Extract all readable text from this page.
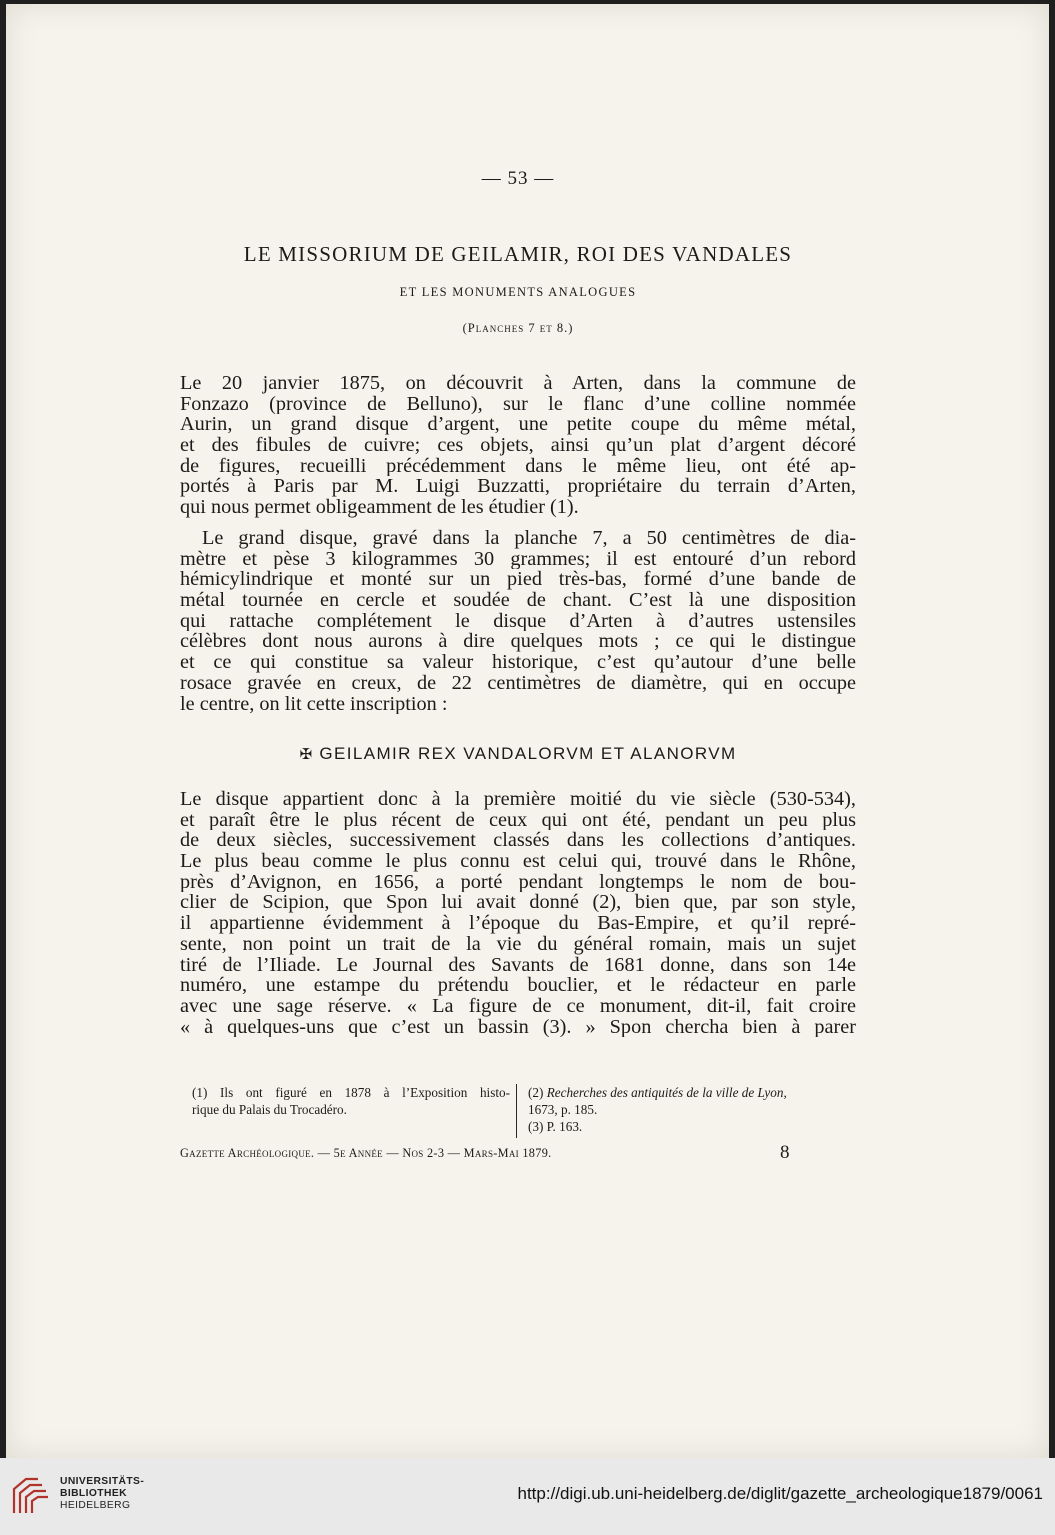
— 53 —
LE MISSORIUM DE GEILAMIR, ROI DES VANDALES
ET LES MONUMENTS ANALOGUES
(Planches 7 et 8.)
Le 20 janvier 1875, on découvrit à Arten, dans la commune de
Fonzazo (province de Belluno), sur le flanc d’une colline nommée
Aurin, un grand disque d’argent, une petite coupe du même métal,
et des fibules de cuivre; ces objets, ainsi qu’un plat d’argent décoré
de figures, recueilli précédemment dans le même lieu, ont été ap-
portés à Paris par M. Luigi Buzzatti, propriétaire du terrain d’Arten,
qui nous permet obligeamment de les étudier (1).
Le grand disque, gravé dans la planche 7, a 50 centimètres de dia-
mètre et pèse 3 kilogrammes 30 grammes; il est entouré d’un rebord
hémicylindrique et monté sur un pied très-bas, formé d’une bande de
métal tournée en cercle et soudée de chant. C’est là une disposition
qui rattache complétement le disque d’Arten à d’autres ustensiles
célèbres dont nous aurons à dire quelques mots ; ce qui le distingue
et ce qui constitue sa valeur historique, c’est qu’autour d’une belle
rosace gravée en creux, de 22 centimètres de diamètre, qui en occupe
le centre, on lit cette inscription :
✠ GEILAMIR REX VANDALORVM ET ALANORVM
Le disque appartient donc à la première moitié du vie siècle (530-534),
et paraît être le plus récent de ceux qui ont été, pendant un peu plus
de deux siècles, successivement classés dans les collections d’antiques.
Le plus beau comme le plus connu est celui qui, trouvé dans le Rhône,
près d’Avignon, en 1656, a porté pendant longtemps le nom de bou-
clier de Scipion, que Spon lui avait donné (2), bien que, par son style,
il appartienne évidemment à l’époque du Bas-Empire, et qu’il repré-
sente, non point un trait de la vie du général romain, mais un sujet
tiré de l’Iliade. Le Journal des Savants de 1681 donne, dans son 14e
numéro, une estampe du prétendu bouclier, et le rédacteur en parle
avec une sage réserve. « La figure de ce monument, dit-il, fait croire
« à quelques-uns que c’est un bassin (3). » Spon chercha bien à parer
(1) Ils ont figuré en 1878 à l’Exposition histo-
rique du Palais du Trocadéro.
(2) Recherches des antiquités de la ville de Lyon,
1673, p. 185.
(3) P. 163.
Gazette Archéologique. — 5e Année — Nos 2-3 — Mars-Mai 1879.	8
UNIVERSITÄTS-
BIBLIOTHEK
HEIDELBERG
http://digi.ub.uni-heidelberg.de/diglit/gazette_archeologique1879/0061
